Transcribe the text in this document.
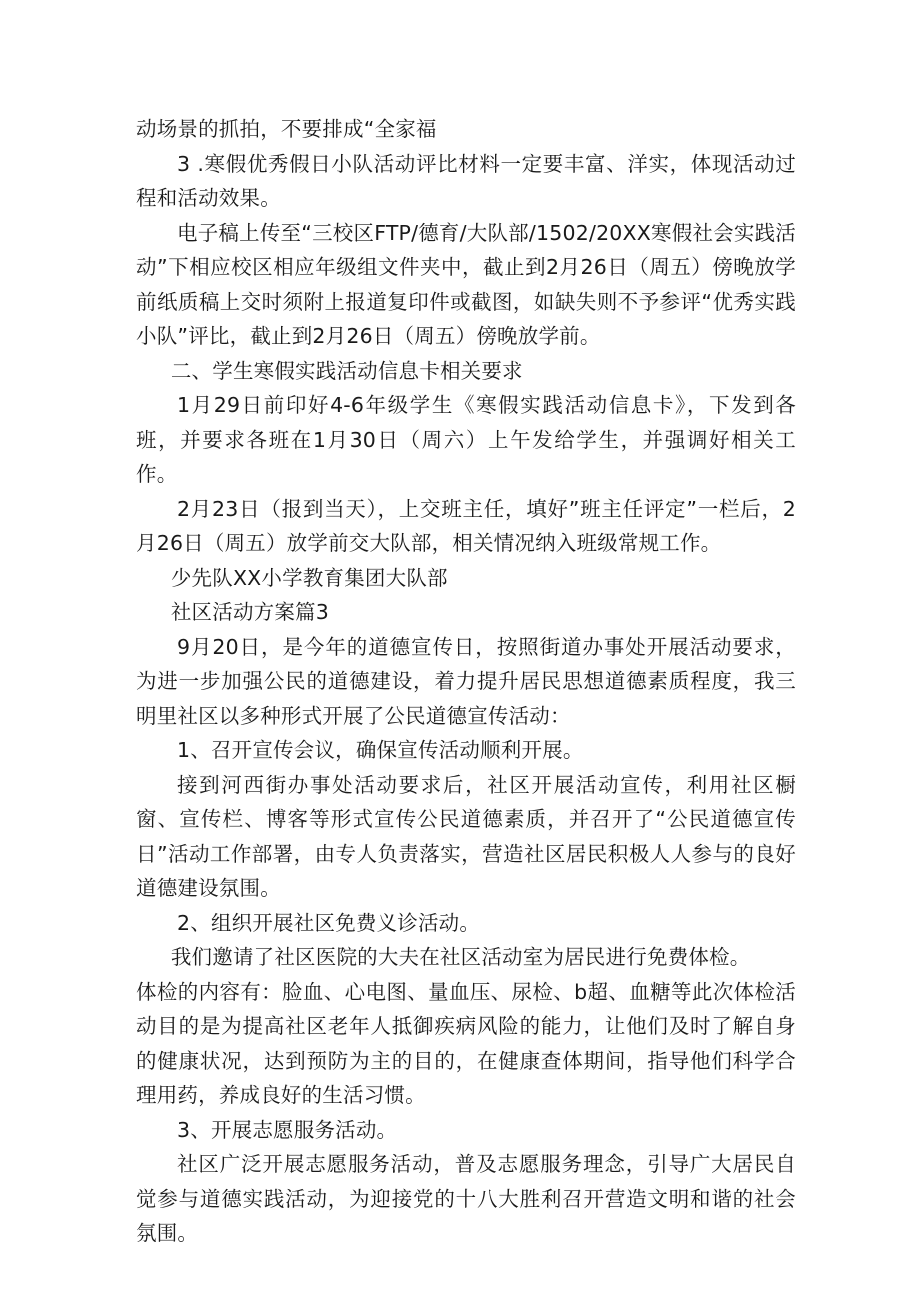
动场景的抓拍，不要排成“全家福

3 .寒假优秀假日小队活动评比材料一定要丰富、洋实，体现活动过程和活动效果。

电子稿上传至“三校区FTP/德育/大队部/1502/20XX寒假社会实践活动”下相应校区相应年级组文件夹中，截止到2月26日（周五）傍晚放学前纸质稿上交时须附上报道复印件或截图，如缺失则不予参评“优秀实践小队”评比，截止到2月26日（周五）傍晚放学前。

二、学生寒假实践活动信息卡相关要求

1月29日前印好4-6年级学生《寒假实践活动信息卡》，下发到各班，并要求各班在1月30日（周六）上午发给学生，并强调好相关工作。

2月23日（报到当天），上交班主任，填好”班主任评定”一栏后，2月26日（周五）放学前交大队部，相关情况纳入班级常规工作。

少先队XX小学教育集团大队部

社区活动方案篇3

9月20日，是今年的道德宣传日，按照街道办事处开展活动要求，为进一步加强公民的道德建设，着力提升居民思想道德素质程度，我三明里社区以多种形式开展了公民道德宣传活动：

1、召开宣传会议，确保宣传活动顺利开展。

接到河西街办事处活动要求后，社区开展活动宣传，利用社区橱窗、宣传栏、博客等形式宣传公民道德素质，并召开了“公民道德宣传日”活动工作部署，由专人负责落实，营造社区居民积极人人参与的良好道德建设氛围。

2、组织开展社区免费义诊活动。

我们邀请了社区医院的大夫在社区活动室为居民进行免费体检。

体检的内容有：脸血、心电图、量血压、尿检、b超、血糖等此次体检活动目的是为提高社区老年人抵御疾病风险的能力，让他们及时了解自身的健康状况，达到预防为主的目的，在健康查体期间，指导他们科学合理用药，养成良好的生活习惯。

3、开展志愿服务活动。

社区广泛开展志愿服务活动，普及志愿服务理念，引导广大居民自觉参与道德实践活动，为迎接党的十八大胜利召开营造文明和谐的社会氛围。
